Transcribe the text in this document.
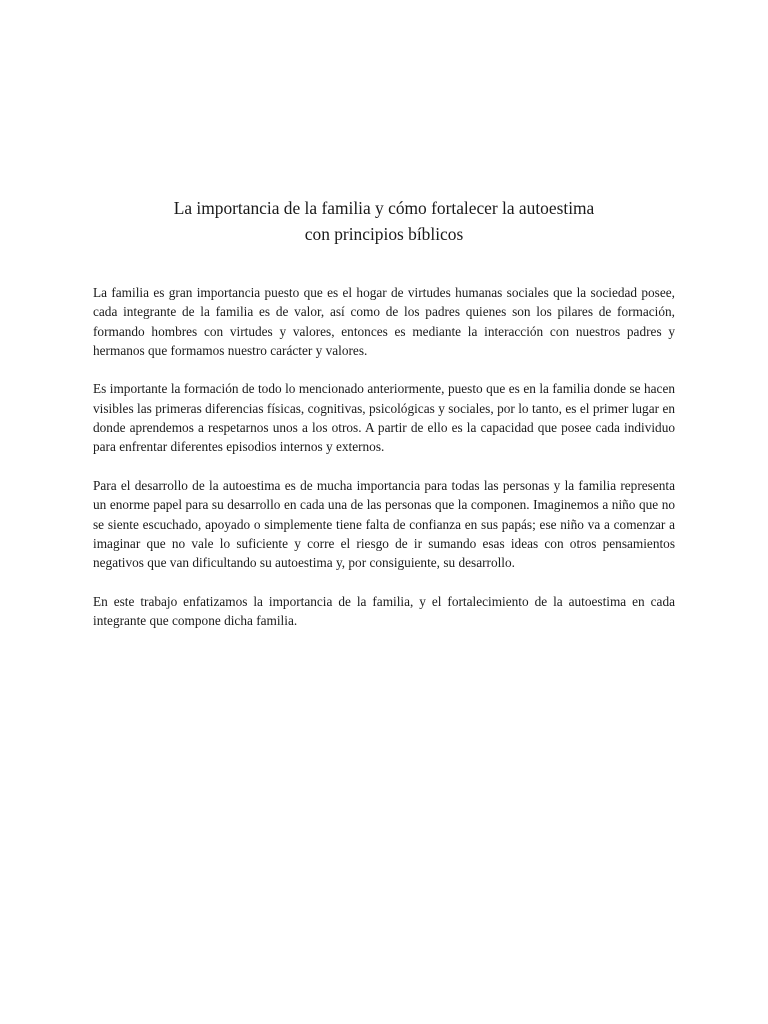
La importancia de la familia y cómo fortalecer la autoestima
con principios bíblicos

La familia es gran importancia puesto que es el hogar de virtudes humanas sociales que la sociedad posee, cada integrante de la familia es de valor, así como de los padres quienes son los pilares de formación, formando hombres con virtudes y valores, entonces es mediante la interacción con nuestros padres y hermanos que formamos nuestro carácter y valores.

Es importante la formación de todo lo mencionado anteriormente, puesto que es en la familia donde se hacen visibles las primeras diferencias físicas, cognitivas, psicológicas y sociales, por lo tanto, es el primer lugar en donde aprendemos a respetarnos unos a los otros. A partir de ello es la capacidad que posee cada individuo para enfrentar diferentes episodios internos y externos.

Para el desarrollo de la autoestima es de mucha importancia para todas las personas y la familia representa un enorme papel para su desarrollo en cada una de las personas que la componen. Imaginemos a niño que no se siente escuchado, apoyado o simplemente tiene falta de confianza en sus papás; ese niño va a comenzar a imaginar que no vale lo suficiente y corre el riesgo de ir sumando esas ideas con otros pensamientos negativos que van dificultando su autoestima y, por consiguiente, su desarrollo.

En este trabajo enfatizamos la importancia de la familia, y el fortalecimiento de la autoestima en cada integrante que compone dicha familia.
